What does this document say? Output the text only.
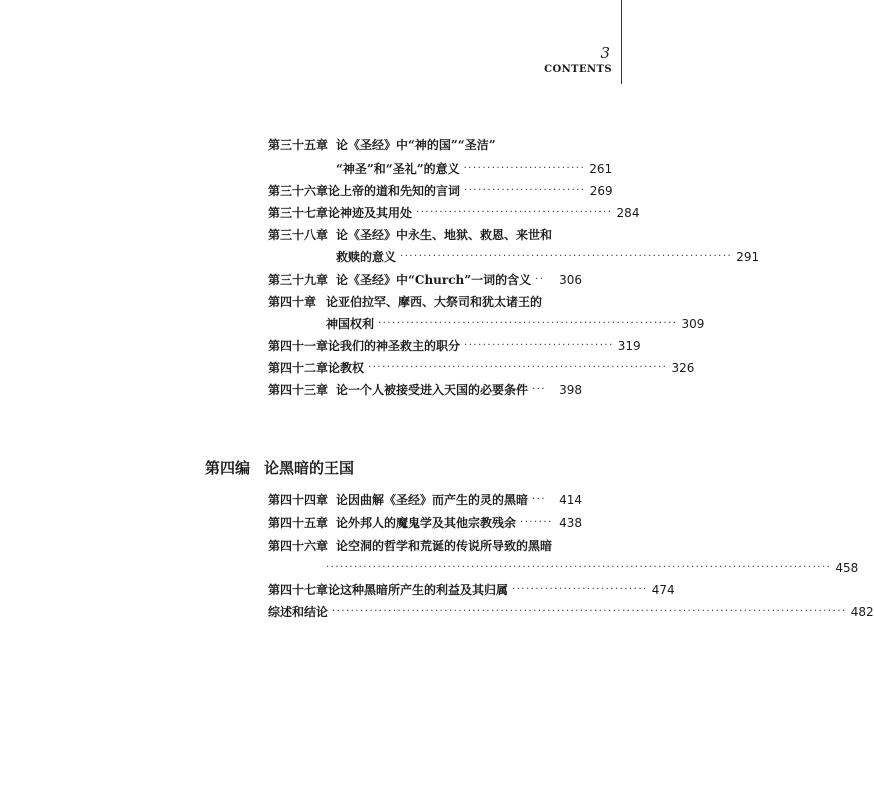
3
CONTENTS
第三十五章 论《圣经》中“神的国”“圣洁”
“神圣”和“圣礼”的意义 ·························· 261
第三十六章 论上帝的道和先知的言词 ·························· 269
第三十七章 论神迹及其用处 ·········································· 284
第三十八章 论《圣经》中永生、地狱、救恩、来世和
救赎的意义 ······································································· 291
第三十九章 论《圣经》中“Church”一词的含义 ··	306
第四十章 论亚伯拉罕、摩西、大祭司和犹太诸王的
神国权利 ································································ 309
第四十一章 论我们的神圣救主的职分 ································ 319
第四十二章 论教权 ································································ 326
第四十三章 论一个人被接受进入天国的必要条件 ···	398
第四编 论黑暗的王国
第四十四章 论因曲解《圣经》而产生的灵的黑暗 ···	414
第四十五章 论外邦人的魔鬼学及其他宗教残余 ······· 438
第四十六章 论空洞的哲学和荒诞的传说所导致的黑暗
············································································································ 458
第四十七章 论这种黑暗所产生的利益及其归属 ····························· 474
综述和结论 ·············································································································· 482
